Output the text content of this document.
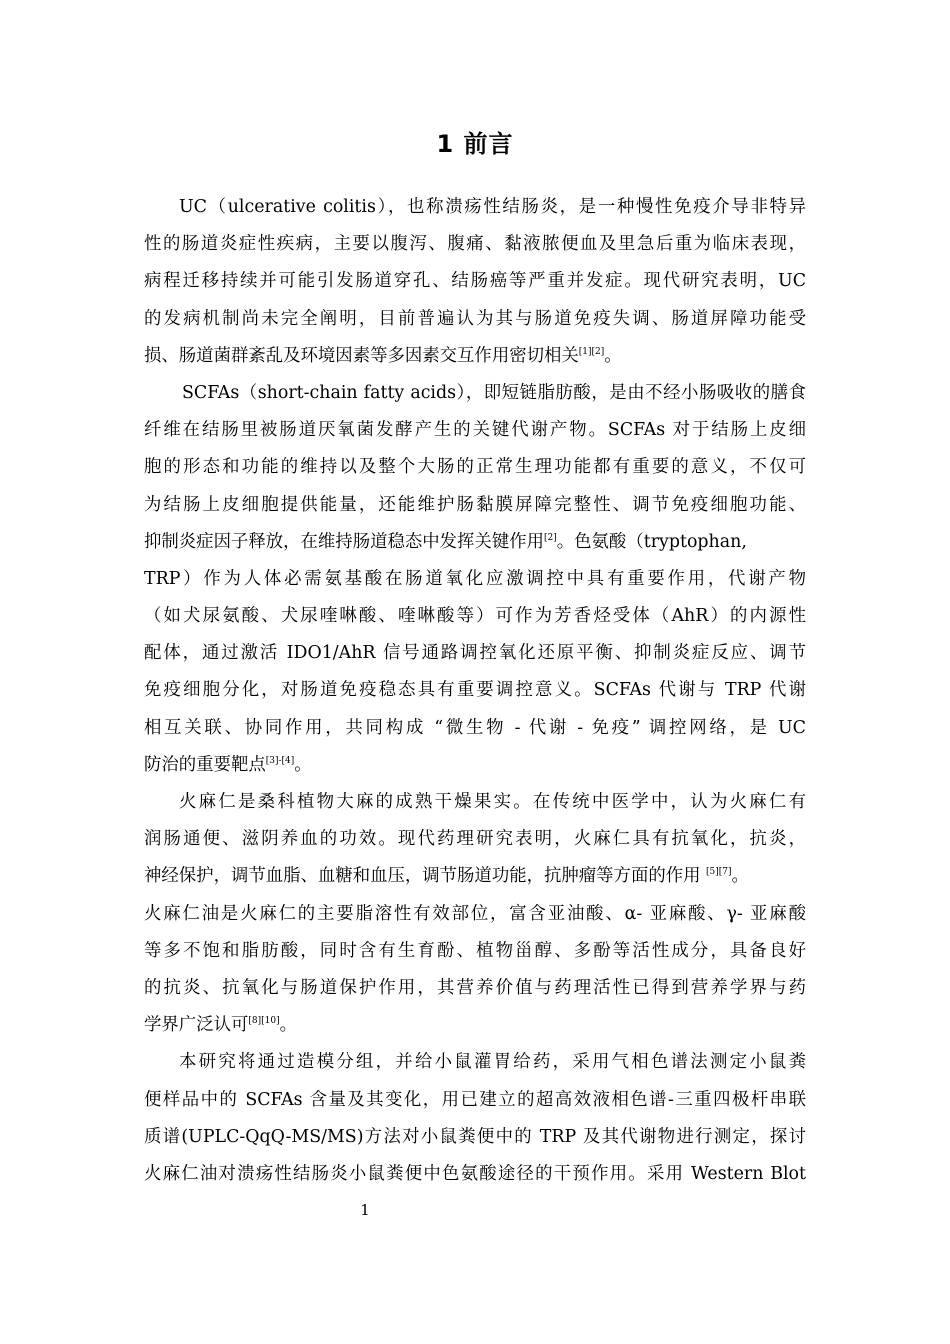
1 前言
UC（ulcerative colitis），也称溃疡性结肠炎，是一种慢性免疫介导非特异
性的肠道炎症性疾病，主要以腹泻、腹痛、黏液脓便血及里急后重为临床表现，
病程迁移持续并可能引发肠道穿孔、结肠癌等严重并发症。现代研究表明，UC
的发病机制尚未完全阐明，目前普遍认为其与肠道免疫失调、肠道屏障功能受
损、肠道菌群紊乱及环境因素等多因素交互作用密切相关[1][2]。
SCFAs（short-chain fatty acids），即短链脂肪酸，是由不经小肠吸收的膳食
纤维在结肠里被肠道厌氧菌发酵产生的关键代谢产物。SCFAs 对于结肠上皮细
胞的形态和功能的维持以及整个大肠的正常生理功能都有重要的意义，不仅可
为结肠上皮细胞提供能量，还能维护肠黏膜屏障完整性、调节免疫细胞功能、
抑制炎症因子释放，在维持肠道稳态中发挥关键作用[2]。色氨酸（tryptophan,
TRP）作为人体必需氨基酸在肠道氧化应激调控中具有重要作用，代谢产物
（如犬尿氨酸、犬尿喹啉酸、喹啉酸等）可作为芳香烃受体（AhR）的内源性
配体，通过激活 IDO1/AhR 信号通路调控氧化还原平衡、抑制炎症反应、调节
免疫细胞分化，对肠道免疫稳态具有重要调控意义。SCFAs 代谢与 TRP 代谢
相互关联、协同作用，共同构成 “微生物 - 代谢 - 免疫” 调控网络，是 UC
防治的重要靶点[3]-[4]。
火麻仁是桑科植物大麻的成熟干燥果实。在传统中医学中，认为火麻仁有
润肠通便、滋阴养血的功效。现代药理研究表明，火麻仁具有抗氧化，抗炎，
神经保护，调节血脂、血糖和血压，调节肠道功能，抗肿瘤等方面的作用 [5][7]。
火麻仁油是火麻仁的主要脂溶性有效部位，富含亚油酸、α- 亚麻酸、γ- 亚麻酸
等多不饱和脂肪酸，同时含有生育酚、植物甾醇、多酚等活性成分，具备良好
的抗炎、抗氧化与肠道保护作用，其营养价值与药理活性已得到营养学界与药
学界广泛认可[8][10]。
本研究将通过造模分组，并给小鼠灌胃给药，采用气相色谱法测定小鼠粪
便样品中的 SCFAs 含量及其变化，用已建立的超高效液相色谱-三重四极杆串联
质谱(UPLC-QqQ-MS/MS)方法对小鼠粪便中的 TRP 及其代谢物进行测定，探讨
火麻仁油对溃疡性结肠炎小鼠粪便中色氨酸途径的干预作用。采用 Western Blot
1
